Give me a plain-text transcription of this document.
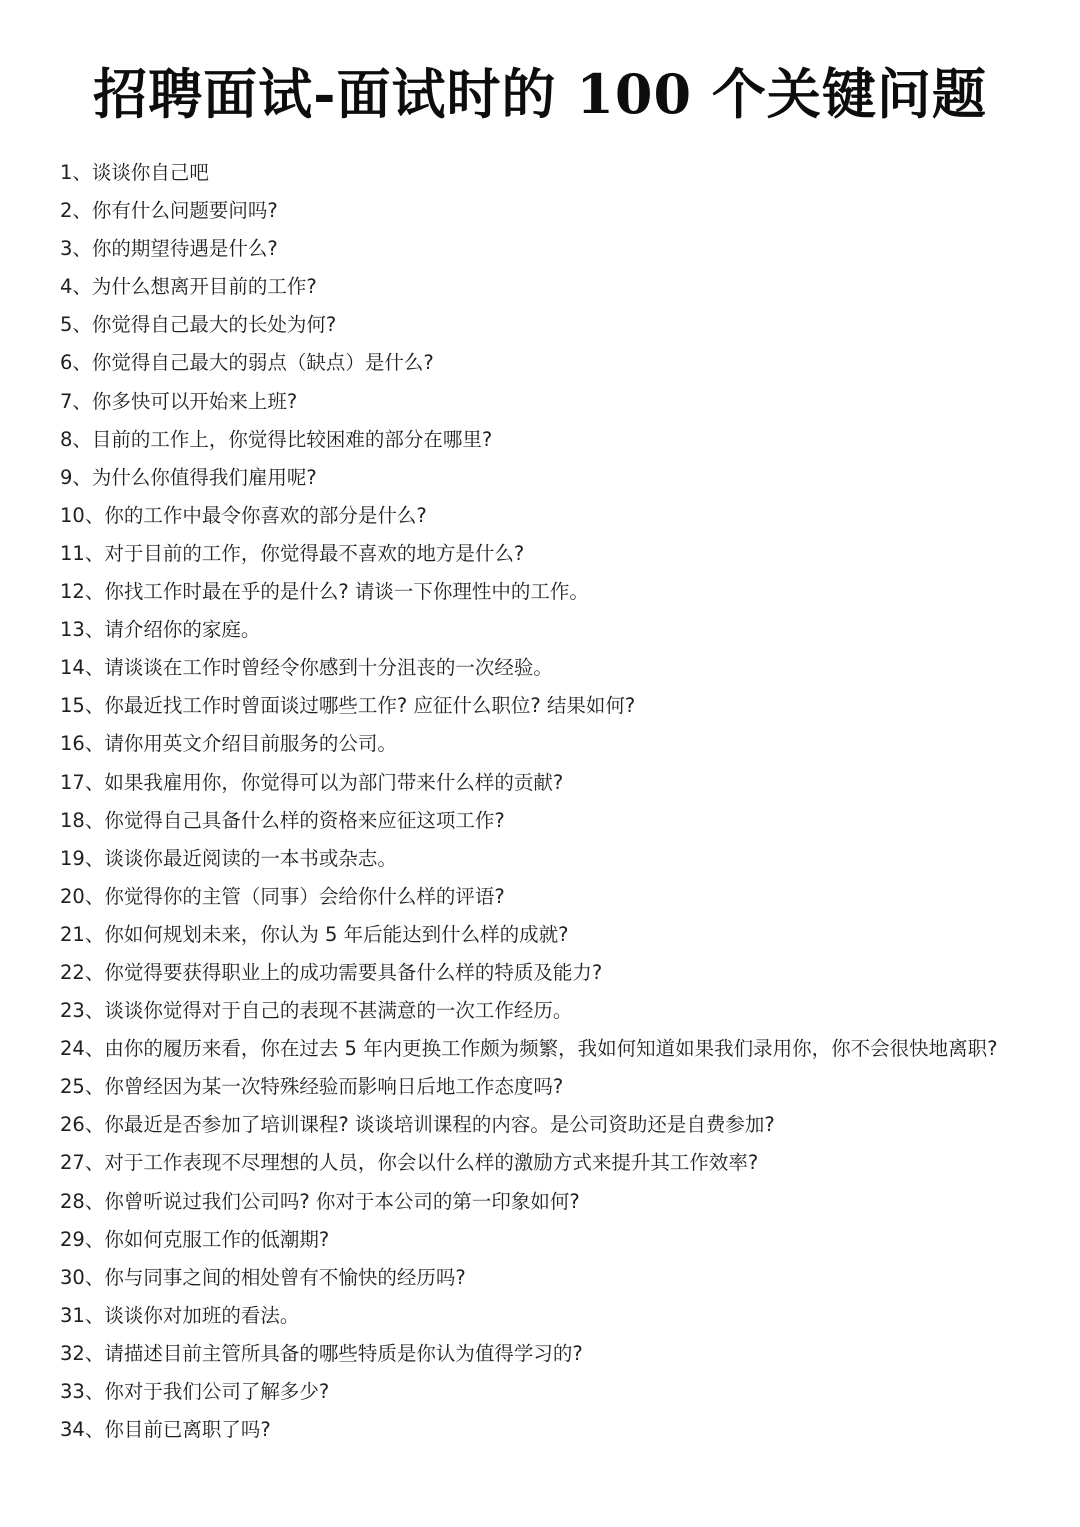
招聘面试-面试时的 100 个关键问题
1、谈谈你自己吧
2、你有什么问题要问吗?
3、你的期望待遇是什么?
4、为什么想离开目前的工作?
5、你觉得自己最大的长处为何?
6、你觉得自己最大的弱点（缺点）是什么?
7、你多快可以开始来上班?
8、目前的工作上，你觉得比较困难的部分在哪里?
9、为什么你值得我们雇用呢?
10、你的工作中最令你喜欢的部分是什么?
11、对于目前的工作，你觉得最不喜欢的地方是什么?
12、你找工作时最在乎的是什么? 请谈一下你理性中的工作。
13、请介绍你的家庭。
14、请谈谈在工作时曾经令你感到十分沮丧的一次经验。
15、你最近找工作时曾面谈过哪些工作? 应征什么职位? 结果如何?
16、请你用英文介绍目前服务的公司。
17、如果我雇用你，你觉得可以为部门带来什么样的贡献?
18、你觉得自己具备什么样的资格来应征这项工作?
19、谈谈你最近阅读的一本书或杂志。
20、你觉得你的主管（同事）会给你什么样的评语?
21、你如何规划未来，你认为 5 年后能达到什么样的成就?
22、你觉得要获得职业上的成功需要具备什么样的特质及能力?
23、谈谈你觉得对于自己的表现不甚满意的一次工作经历。
24、由你的履历来看，你在过去 5 年内更换工作颇为频繁，我如何知道如果我们录用你，你不会很快地离职?
25、你曾经因为某一次特殊经验而影响日后地工作态度吗?
26、你最近是否参加了培训课程? 谈谈培训课程的内容。是公司资助还是自费参加?
27、对于工作表现不尽理想的人员，你会以什么样的激励方式来提升其工作效率?
28、你曾听说过我们公司吗? 你对于本公司的第一印象如何?
29、你如何克服工作的低潮期?
30、你与同事之间的相处曾有不愉快的经历吗?
31、谈谈你对加班的看法。
32、请描述目前主管所具备的哪些特质是你认为值得学习的?
33、你对于我们公司了解多少?
34、你目前已离职了吗?
